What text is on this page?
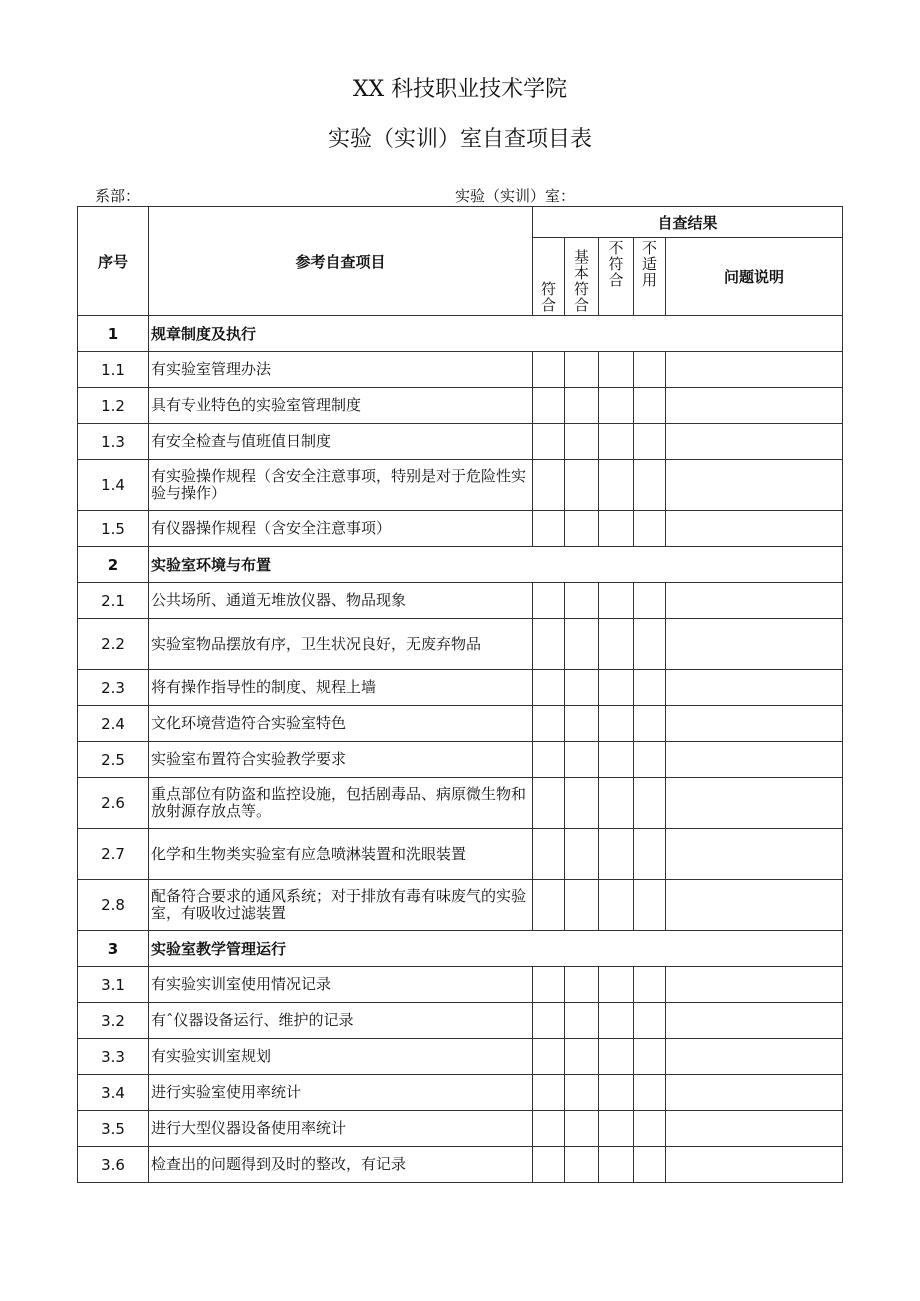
XX 科技职业技术学院
实验（实训）室自查项目表
系部：	实验（实训）室：
序号	参考自查项目	自查结果				

		符合	基本符合	不符合	不适用	问题说明
1	规章制度及执行					
1.1	有实验室管理办法					
1.2	具有专业特色的实验室管理制度					
1.3	有安全检查与值班值日制度					
1.4	有实验操作规程（含安全注意事项，特别是对于危险性实验与操作）					
1.5	有仪器操作规程（含安全注意事项）					
2	实验室环境与布置					
2.1	公共场所、通道无堆放仪器、物品现象					
2.2	实验室物品摆放有序，卫生状况良好，无废弃物品					
2.3	将有操作指导性的制度、规程上墙					
2.4	文化环境营造符合实验室特色					
2.5	实验室布置符合实验教学要求					
2.6	重点部位有防盗和监控设施，包括剧毒品、病原微生物和放射源存放点等。					
2.7	化学和生物类实验室有应急喷淋装置和洗眼装置					
2.8	配备符合要求的通风系统；对于排放有毒有味废气的实验室，有吸收过滤装置					
3	实验室教学管理运行					
3.1	有实验实训室使用情况记录					
3.2	有ˆ仪器设备运行、维护的记录					
3.3	有实验实训室规划					
3.4	进行实验室使用率统计					
3.5	进行大型仪器设备使用率统计					
3.6	检查出的问题得到及时的整改，有记录					
